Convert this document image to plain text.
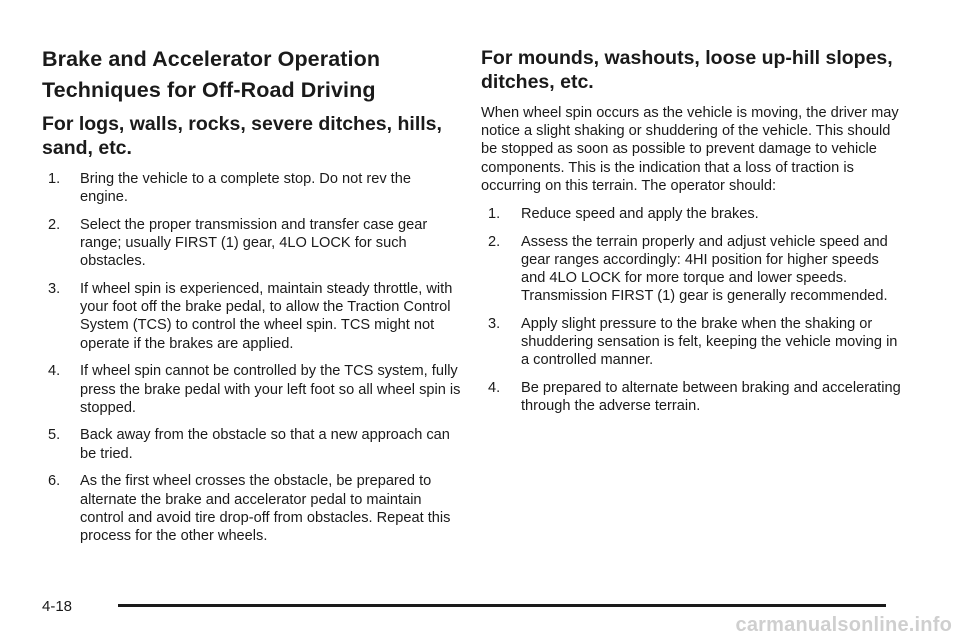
Brake and Accelerator Operation Techniques for Off-Road Driving
For logs, walls, rocks, severe ditches, hills, sand, etc.
1. Bring the vehicle to a complete stop. Do not rev the engine.
2. Select the proper transmission and transfer case gear range; usually FIRST (1) gear, 4LO LOCK for such obstacles.
3. If wheel spin is experienced, maintain steady throttle, with your foot off the brake pedal, to allow the Traction Control System (TCS) to control the wheel spin. TCS might not operate if the brakes are applied.
4. If wheel spin cannot be controlled by the TCS system, fully press the brake pedal with your left foot so all wheel spin is stopped.
5. Back away from the obstacle so that a new approach can be tried.
6. As the first wheel crosses the obstacle, be prepared to alternate the brake and accelerator pedal to maintain control and avoid tire drop-off from obstacles. Repeat this process for the other wheels.
For mounds, washouts, loose up-hill slopes, ditches, etc.

When wheel spin occurs as the vehicle is moving, the driver may notice a slight shaking or shuddering of the vehicle. This should be stopped as soon as possible to prevent damage to vehicle components. This is the indication that a loss of traction is occurring on this terrain. The operator should:

1. Reduce speed and apply the brakes.
2. Assess the terrain properly and adjust vehicle speed and gear ranges accordingly: 4HI position for higher speeds and 4LO LOCK for more torque and lower speeds. Transmission FIRST (1) gear is generally recommended.
3. Apply slight pressure to the brake when the shaking or shuddering sensation is felt, keeping the vehicle moving in a controlled manner.
4. Be prepared to alternate between braking and accelerating through the adverse terrain.
4-18
carmanualsonline.info
